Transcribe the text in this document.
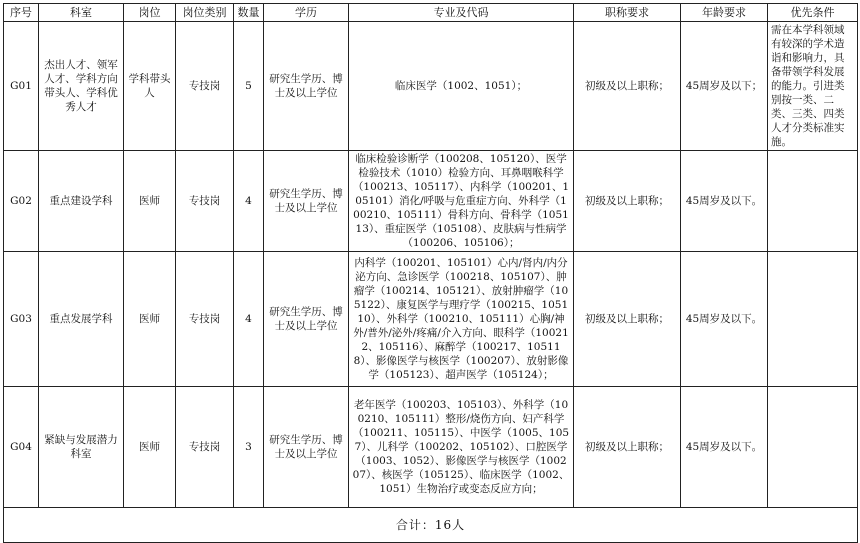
序号	科室	岗位	岗位类别	数量	学历	专业及代码	职称要求	年龄要求	优先条件
G01	杰出人才、领军人才、学科方向带头人、学科优秀人才	学科带头人	专技岗	5	研究生学历、博士及以上学位	临床医学（1002、1051）；	初级及以上职称；	45周岁及以下；	需在本学科领域有较深的学术造诣和影响力，具备带领学科发展的能力。引进类别按一类、二类、三类、四类人才分类标准实施。
G02	重点建设学科	医师	专技岗	4	研究生学历、博士及以上学位	临床检验诊断学（100208、105120）、医学检验技术（1010）检验方向、耳鼻咽喉科学（100213、105117）、内科学（100201、105101）消化/呼吸与危重症方向、外科学（100210、105111）骨科方向、骨科学（105113）、重症医学（105108）、皮肤病与性病学（100206、105106）；	初级及以上职称；	45周岁及以下。	
G03	重点发展学科	医师	专技岗	4	研究生学历、博士及以上学位	内科学（100201、105101）心内/肾内/内分泌方向、急诊医学（100218、105107）、肿瘤学（100214、105121）、放射肿瘤学（105122）、康复医学与理疗学（100215、105110）、外科学（100210、105111）心胸/神外/普外/泌外/疼痛/介入方向、眼科学（100212、105116）、麻醉学（100217、105118）、影像医学与核医学（100207）、放射影像学（105123）、超声医学（105124）；	初级及以上职称；	45周岁及以下。	
G04	紧缺与发展潜力科室	医师	专技岗	3	研究生学历、博士及以上学位	老年医学（100203、105103）、外科学（100210、105111）整形/烧伤方向、妇产科学（100211、105115）、中医学（1005、1057）、儿科学（100202、105102）、口腔医学（1003、1052）、影像医学与核医学（100207）、核医学（105125）、临床医学（1002、1051）生物治疗或变态反应方向；	初级及以上职称；	45周岁及以下。	
合计：16人									
